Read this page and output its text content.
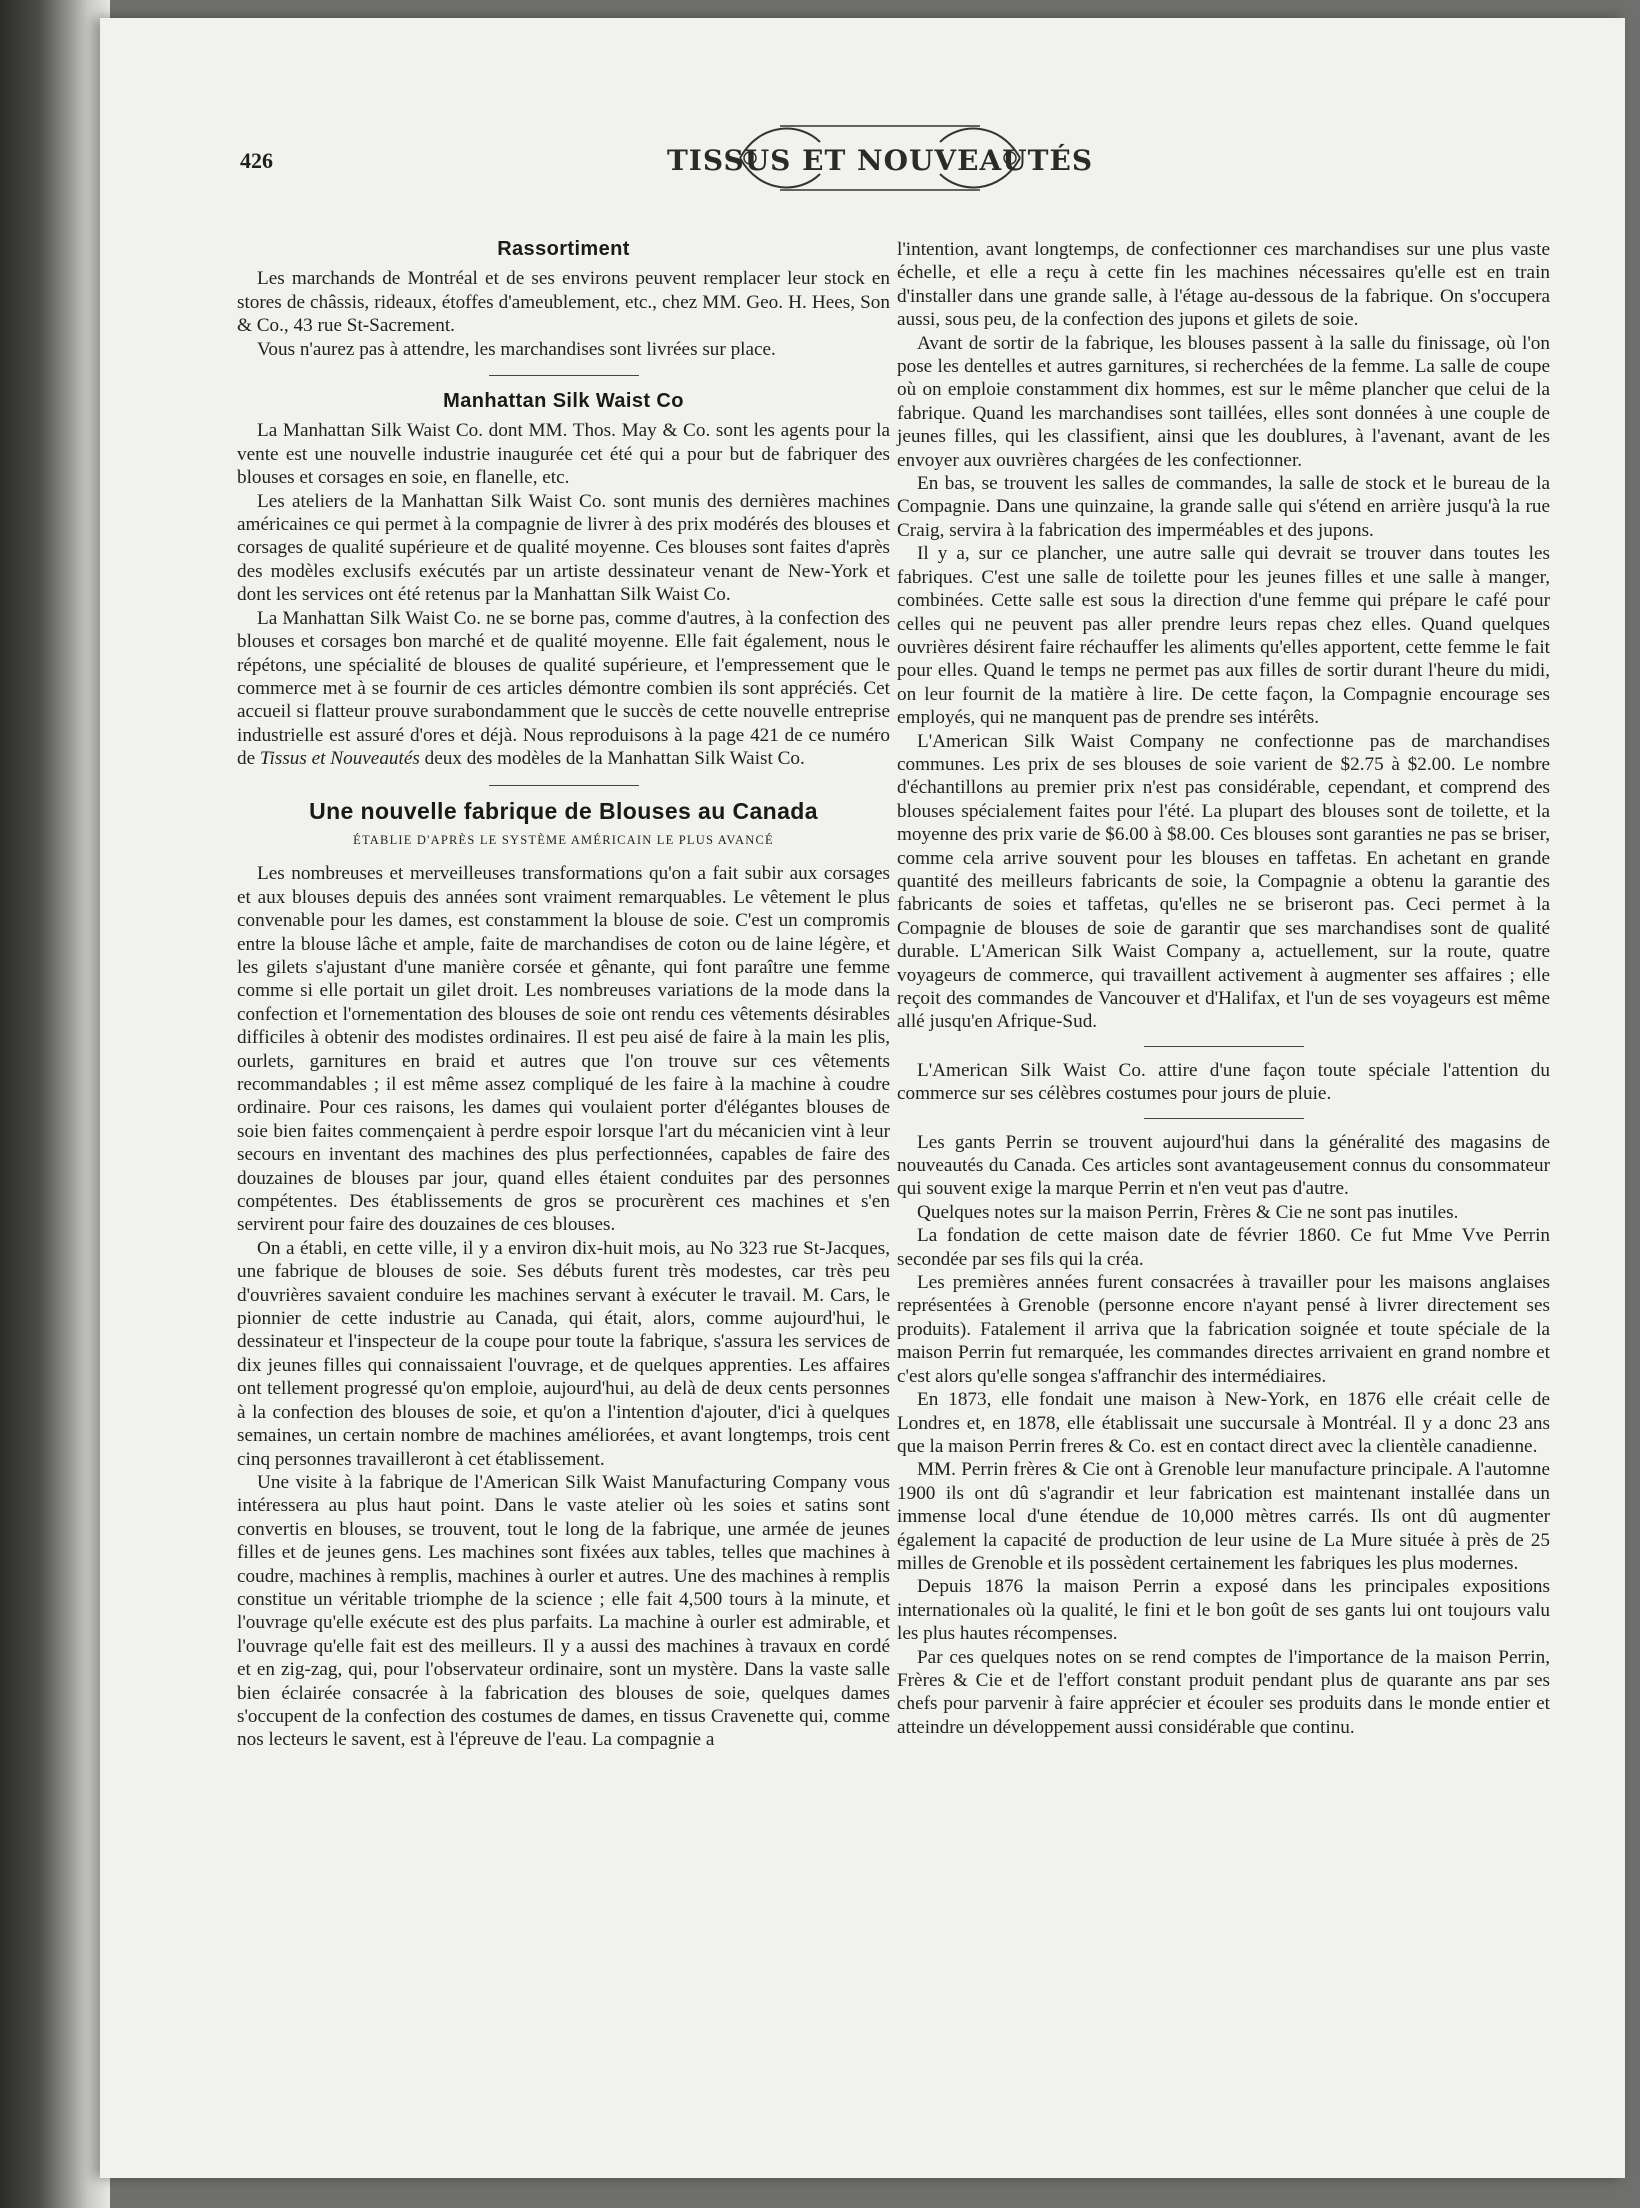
426	TISSUS ET NOUVEAUTÉS
Rassortiment

Les marchands de Montréal et de ses environs peuvent remplacer leur stock en stores de châssis, rideaux, étoffes d'ameublement, etc., chez MM. Geo. H. Hees, Son & Co., 43 rue St-Sacrement.

Vous n'aurez pas à attendre, les marchandises sont livrées sur place.

Manhattan Silk Waist Co

La Manhattan Silk Waist Co. dont MM. Thos. May & Co. sont les agents pour la vente est une nouvelle industrie inaugurée cet été qui a pour but de fabriquer des blouses et corsages en soie, en flanelle, etc.

Les ateliers de la Manhattan Silk Waist Co. sont munis des dernières machines américaines ce qui permet à la compagnie de livrer à des prix modérés des blouses et corsages de qualité supérieure et de qualité moyenne. Ces blouses sont faites d'après des modèles exclusifs exécutés par un artiste dessinateur venant de New-York et dont les services ont été retenus par la Manhattan Silk Waist Co.

La Manhattan Silk Waist Co. ne se borne pas, comme d'autres, à la confection des blouses et corsages bon marché et de qualité moyenne. Elle fait également, nous le répétons, une spécialité de blouses de qualité supérieure, et l'empressement que le commerce met à se fournir de ces articles démontre combien ils sont appréciés. Cet accueil si flatteur prouve surabondamment que le succès de cette nouvelle entreprise industrielle est assuré d'ores et déjà. Nous reproduisons à la page 421 de ce numéro de Tissus et Nouveautés deux des modèles de la Manhattan Silk Waist Co.

Une nouvelle fabrique de Blouses au Canada
ÉTABLIE D'APRÈS LE SYSTÈME AMÉRICAIN LE PLUS AVANCÉ

Les nombreuses et merveilleuses transformations qu'on a fait subir aux corsages et aux blouses depuis des années sont vraiment remarquables. Le vêtement le plus convenable pour les dames, est constamment la blouse de soie. C'est un compromis entre la blouse lâche et ample, faite de marchandises de coton ou de laine légère, et les gilets s'ajustant d'une manière corsée et gênante, qui font paraître une femme comme si elle portait un gilet droit. Les nombreuses variations de la mode dans la confection et l'ornementation des blouses de soie ont rendu ces vêtements désirables difficiles à obtenir des modistes ordinaires. Il est peu aisé de faire à la main les plis, ourlets, garnitures en braid et autres que l'on trouve sur ces vêtements recommandables ; il est même assez compliqué de les faire à la machine à coudre ordinaire. Pour ces raisons, les dames qui voulaient porter d'élégantes blouses de soie bien faites commençaient à perdre espoir lorsque l'art du mécanicien vint à leur secours en inventant des machines des plus perfectionnées, capables de faire des douzaines de blouses par jour, quand elles étaient conduites par des personnes compétentes. Des établissements de gros se procurèrent ces machines et s'en servirent pour faire des douzaines de ces blouses.

On a établi, en cette ville, il y a environ dix-huit mois, au No 323 rue St-Jacques, une fabrique de blouses de soie. Ses débuts furent très modestes, car très peu d'ouvrières savaient conduire les machines servant à exécuter le travail. M. Cars, le pionnier de cette industrie au Canada, qui était, alors, comme aujourd'hui, le dessinateur et l'inspecteur de la coupe pour toute la fabrique, s'assura les services de dix jeunes filles qui connaissaient l'ouvrage, et de quelques apprenties. Les affaires ont tellement progressé qu'on emploie, aujourd'hui, au delà de deux cents personnes à la confection des blouses de soie, et qu'on a l'intention d'ajouter, d'ici à quelques semaines, un certain nombre de machines améliorées, et avant longtemps, trois cent cinq personnes travailleront à cet établissement.

Une visite à la fabrique de l'American Silk Waist Manufacturing Company vous intéressera au plus haut point. Dans le vaste atelier où les soies et satins sont convertis en blouses, se trouvent, tout le long de la fabrique, une armée de jeunes filles et de jeunes gens. Les machines sont fixées aux tables, telles que machines à coudre, machines à remplis, machines à ourler et autres. Une des machines à remplis constitue un véritable triomphe de la science ; elle fait 4,500 tours à la minute, et l'ouvrage qu'elle exécute est des plus parfaits. La machine à ourler est admirable, et l'ouvrage qu'elle fait est des meilleurs. Il y a aussi des machines à travaux en cordé et en zig-zag, qui, pour l'observateur ordinaire, sont un mystère. Dans la vaste salle bien éclairée consacrée à la fabrication des blouses de soie, quelques dames s'occupent de la confection des costumes de dames, en tissus Cravenette qui, comme nos lecteurs le savent, est à l'épreuve de l'eau. La compagnie a

l'intention, avant longtemps, de confectionner ces marchandises sur une plus vaste échelle, et elle a reçu à cette fin les machines nécessaires qu'elle est en train d'installer dans une grande salle, à l'étage au-dessous de la fabrique. On s'occupera aussi, sous peu, de la confection des jupons et gilets de soie.

Avant de sortir de la fabrique, les blouses passent à la salle du finissage, où l'on pose les dentelles et autres garnitures, si recherchées de la femme. La salle de coupe où on emploie constamment dix hommes, est sur le même plancher que celui de la fabrique. Quand les marchandises sont taillées, elles sont données à une couple de jeunes filles, qui les classifient, ainsi que les doublures, à l'avenant, avant de les envoyer aux ouvrières chargées de les confectionner.

En bas, se trouvent les salles de commandes, la salle de stock et le bureau de la Compagnie. Dans une quinzaine, la grande salle qui s'étend en arrière jusqu'à la rue Craig, servira à la fabrication des imperméables et des jupons.

Il y a, sur ce plancher, une autre salle qui devrait se trouver dans toutes les fabriques. C'est une salle de toilette pour les jeunes filles et une salle à manger, combinées. Cette salle est sous la direction d'une femme qui prépare le café pour celles qui ne peuvent pas aller prendre leurs repas chez elles. Quand quelques ouvrières désirent faire réchauffer les aliments qu'elles apportent, cette femme le fait pour elles. Quand le temps ne permet pas aux filles de sortir durant l'heure du midi, on leur fournit de la matière à lire. De cette façon, la Compagnie encourage ses employés, qui ne manquent pas de prendre ses intérêts.

L'American Silk Waist Company ne confectionne pas de marchandises communes. Les prix de ses blouses de soie varient de $2.75 à $2.00. Le nombre d'échantillons au premier prix n'est pas considérable, cependant, et comprend des blouses spécialement faites pour l'été. La plupart des blouses sont de toilette, et la moyenne des prix varie de $6.00 à $8.00. Ces blouses sont garanties ne pas se briser, comme cela arrive souvent pour les blouses en taffetas. En achetant en grande quantité des meilleurs fabricants de soie, la Compagnie a obtenu la garantie des fabricants de soies et taffetas, qu'elles ne se briseront pas. Ceci permet à la Compagnie de blouses de soie de garantir que ses marchandises sont de qualité durable. L'American Silk Waist Company a, actuellement, sur la route, quatre voyageurs de commerce, qui travaillent activement à augmenter ses affaires ; elle reçoit des commandes de Vancouver et d'Halifax, et l'un de ses voyageurs est même allé jusqu'en Afrique-Sud.

L'American Silk Waist Co. attire d'une façon toute spéciale l'attention du commerce sur ses célèbres costumes pour jours de pluie.

Les gants Perrin se trouvent aujourd'hui dans la généralité des magasins de nouveautés du Canada. Ces articles sont avantageusement connus du consommateur qui souvent exige la marque Perrin et n'en veut pas d'autre.

Quelques notes sur la maison Perrin, Frères & Cie ne sont pas inutiles.

La fondation de cette maison date de février 1860. Ce fut Mme Vve Perrin secondée par ses fils qui la créa.

Les premières années furent consacrées à travailler pour les maisons anglaises représentées à Grenoble (personne encore n'ayant pensé à livrer directement ses produits). Fatalement il arriva que la fabrication soignée et toute spéciale de la maison Perrin fut remarquée, les commandes directes arrivaient en grand nombre et c'est alors qu'elle songea s'affranchir des intermédiaires.

En 1873, elle fondait une maison à New-York, en 1876 elle créait celle de Londres et, en 1878, elle établissait une succursale à Montréal. Il y a donc 23 ans que la maison Perrin freres & Co. est en contact direct avec la clientèle canadienne.

MM. Perrin frères & Cie ont à Grenoble leur manufacture principale. A l'automne 1900 ils ont dû s'agrandir et leur fabrication est maintenant installée dans un immense local d'une étendue de 10,000 mètres carrés. Ils ont dû augmenter également la capacité de production de leur usine de La Mure située à près de 25 milles de Grenoble et ils possèdent certainement les fabriques les plus modernes.

Depuis 1876 la maison Perrin a exposé dans les principales expositions internationales où la qualité, le fini et le bon goût de ses gants lui ont toujours valu les plus hautes récompenses.

Par ces quelques notes on se rend comptes de l'importance de la maison Perrin, Frères & Cie et de l'effort constant produit pendant plus de quarante ans par ses chefs pour parvenir à faire apprécier et écouler ses produits dans le monde entier et atteindre un développement aussi considérable que continu.
